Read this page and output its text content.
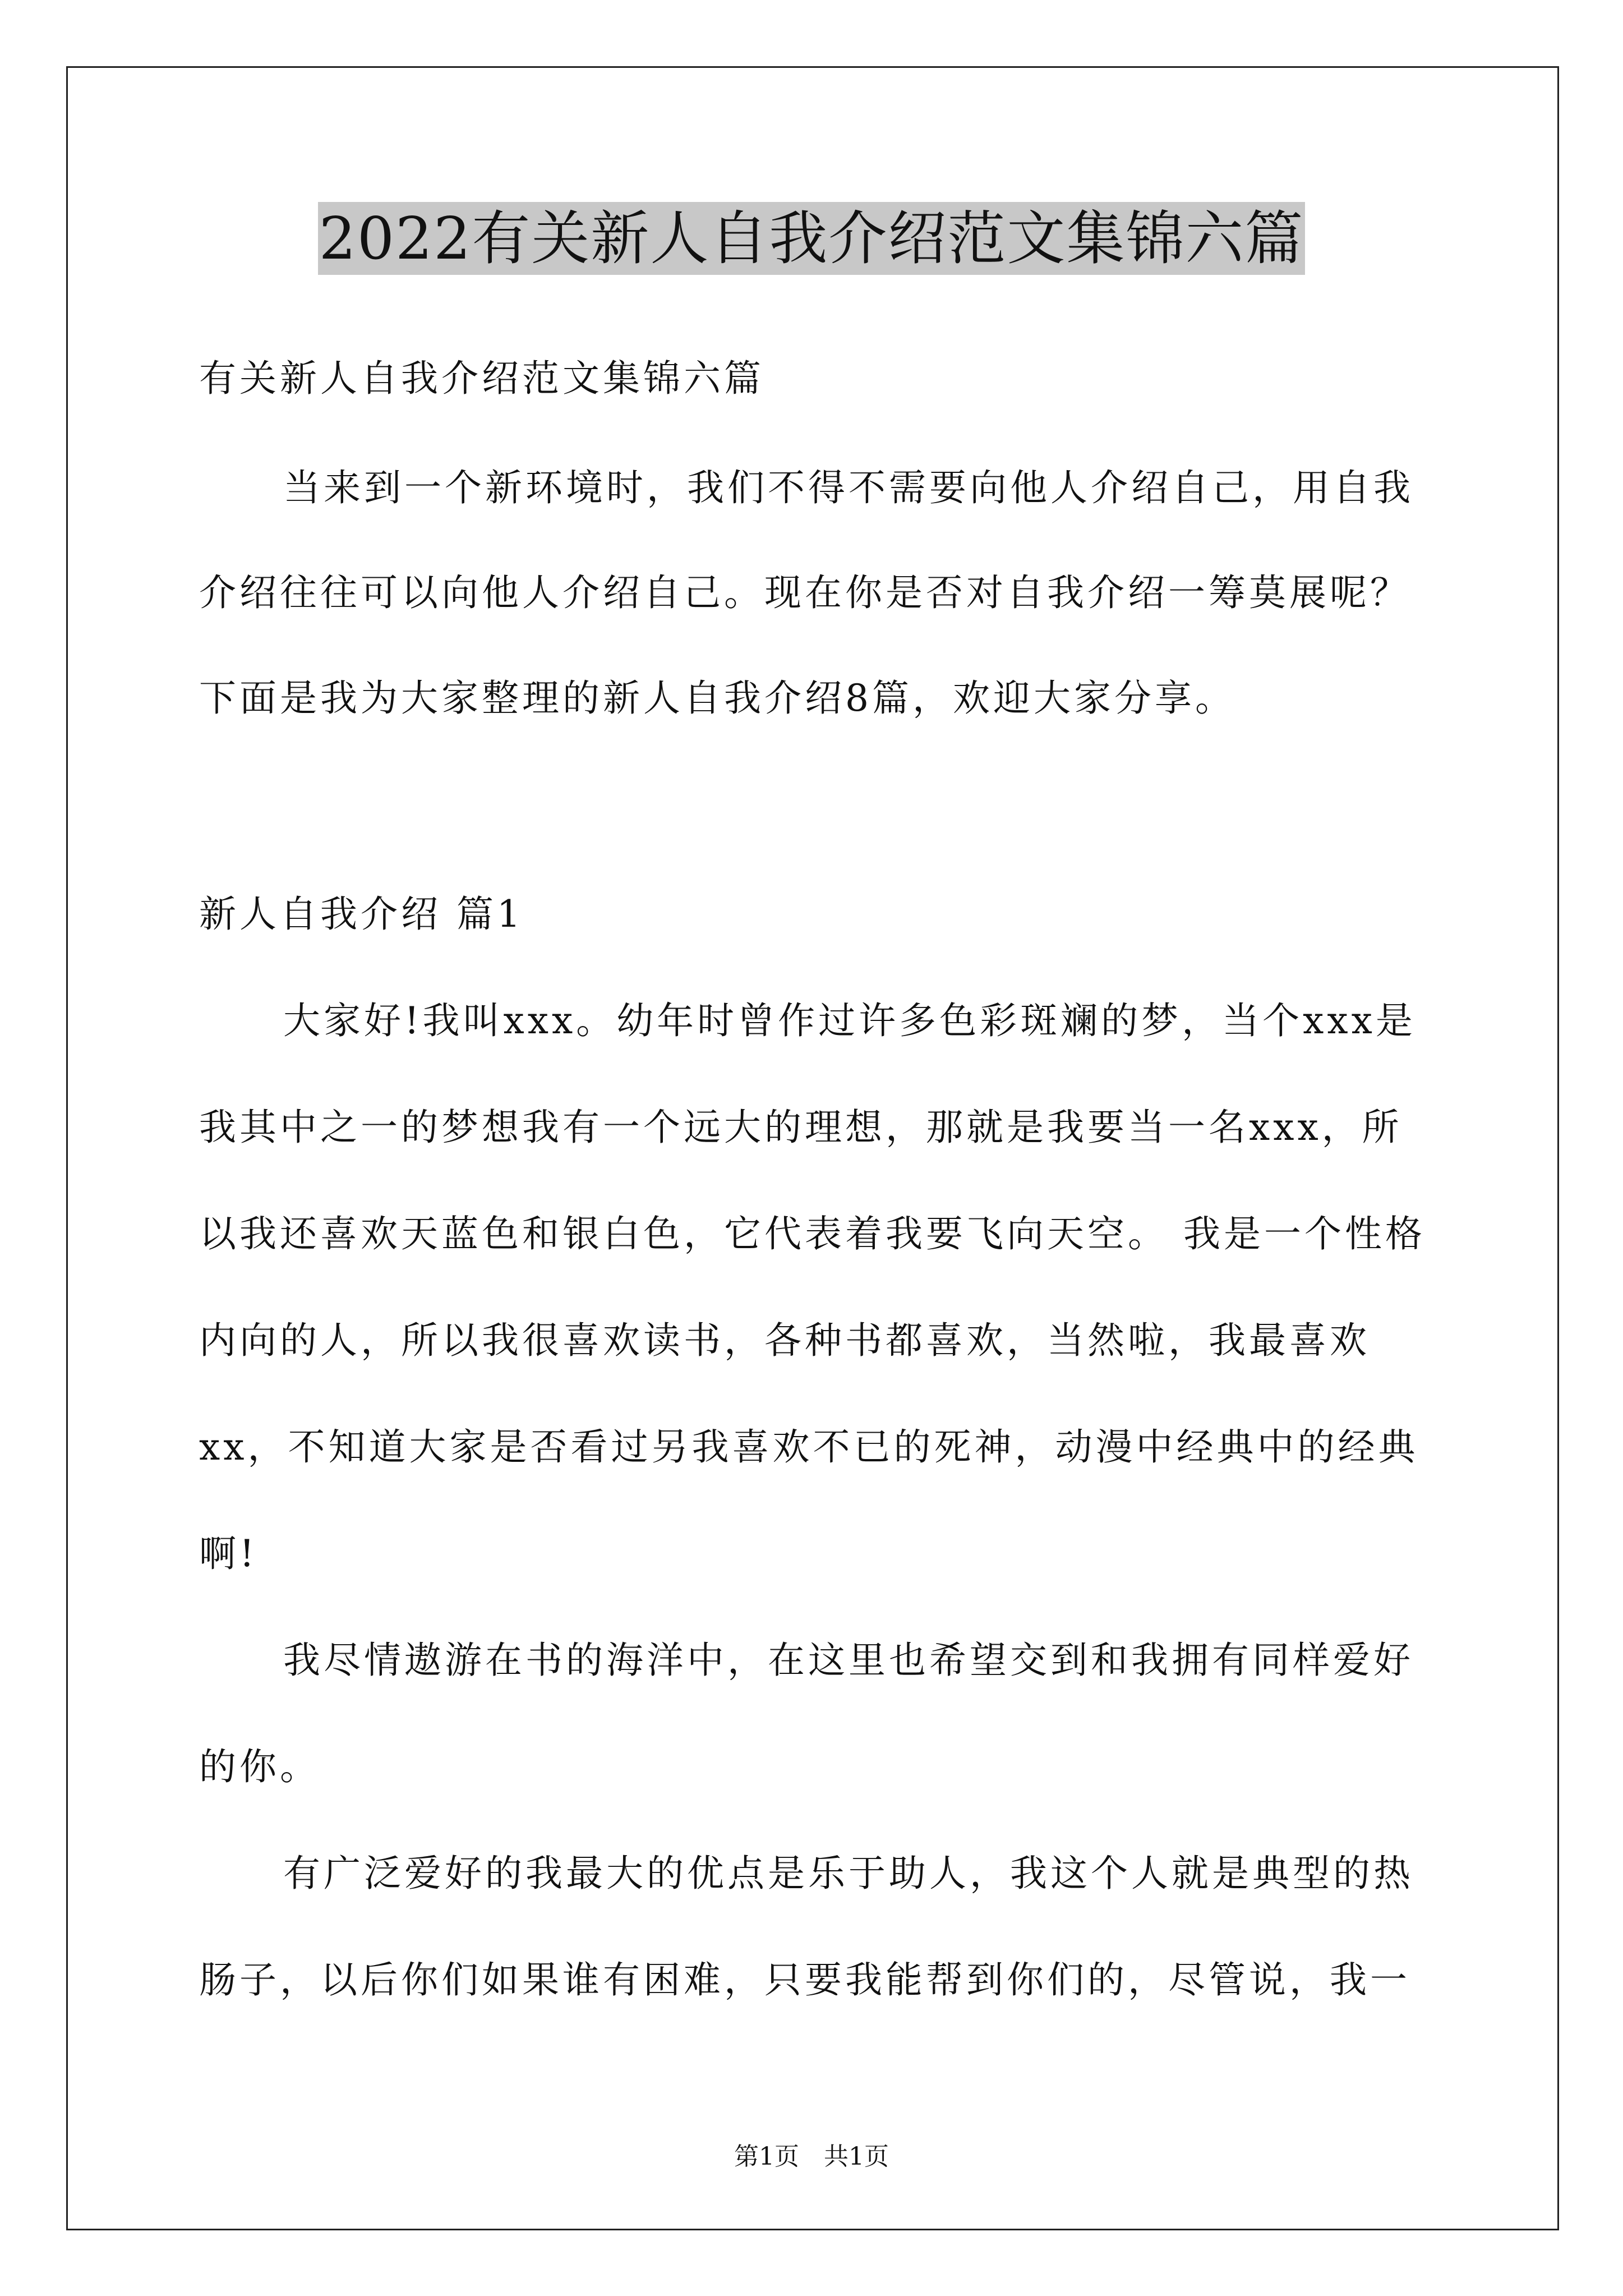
2022有关新人自我介绍范文集锦六篇
有关新人自我介绍范文集锦六篇
当来到一个新环境时，我们不得不需要向他人介绍自己，用自我
介绍往往可以向他人介绍自己。现在你是否对自我介绍一筹莫展呢？
下面是我为大家整理的新人自我介绍8篇，欢迎大家分享。
新人自我介绍 篇1
大家好!我叫xxx。幼年时曾作过许多色彩斑斓的梦，当个xxx是
我其中之一的梦想我有一个远大的理想，那就是我要当一名xxx，所
以我还喜欢天蓝色和银白色，它代表着我要飞向天空。 我是一个性格
内向的人，所以我很喜欢读书，各种书都喜欢，当然啦，我最喜欢
xx，不知道大家是否看过另我喜欢不已的死神，动漫中经典中的经典
啊!
我尽情遨游在书的海洋中，在这里也希望交到和我拥有同样爱好
的你。
有广泛爱好的我最大的优点是乐于助人，我这个人就是典型的热
肠子，以后你们如果谁有困难，只要我能帮到你们的，尽管说，我一
第1页　共1页
